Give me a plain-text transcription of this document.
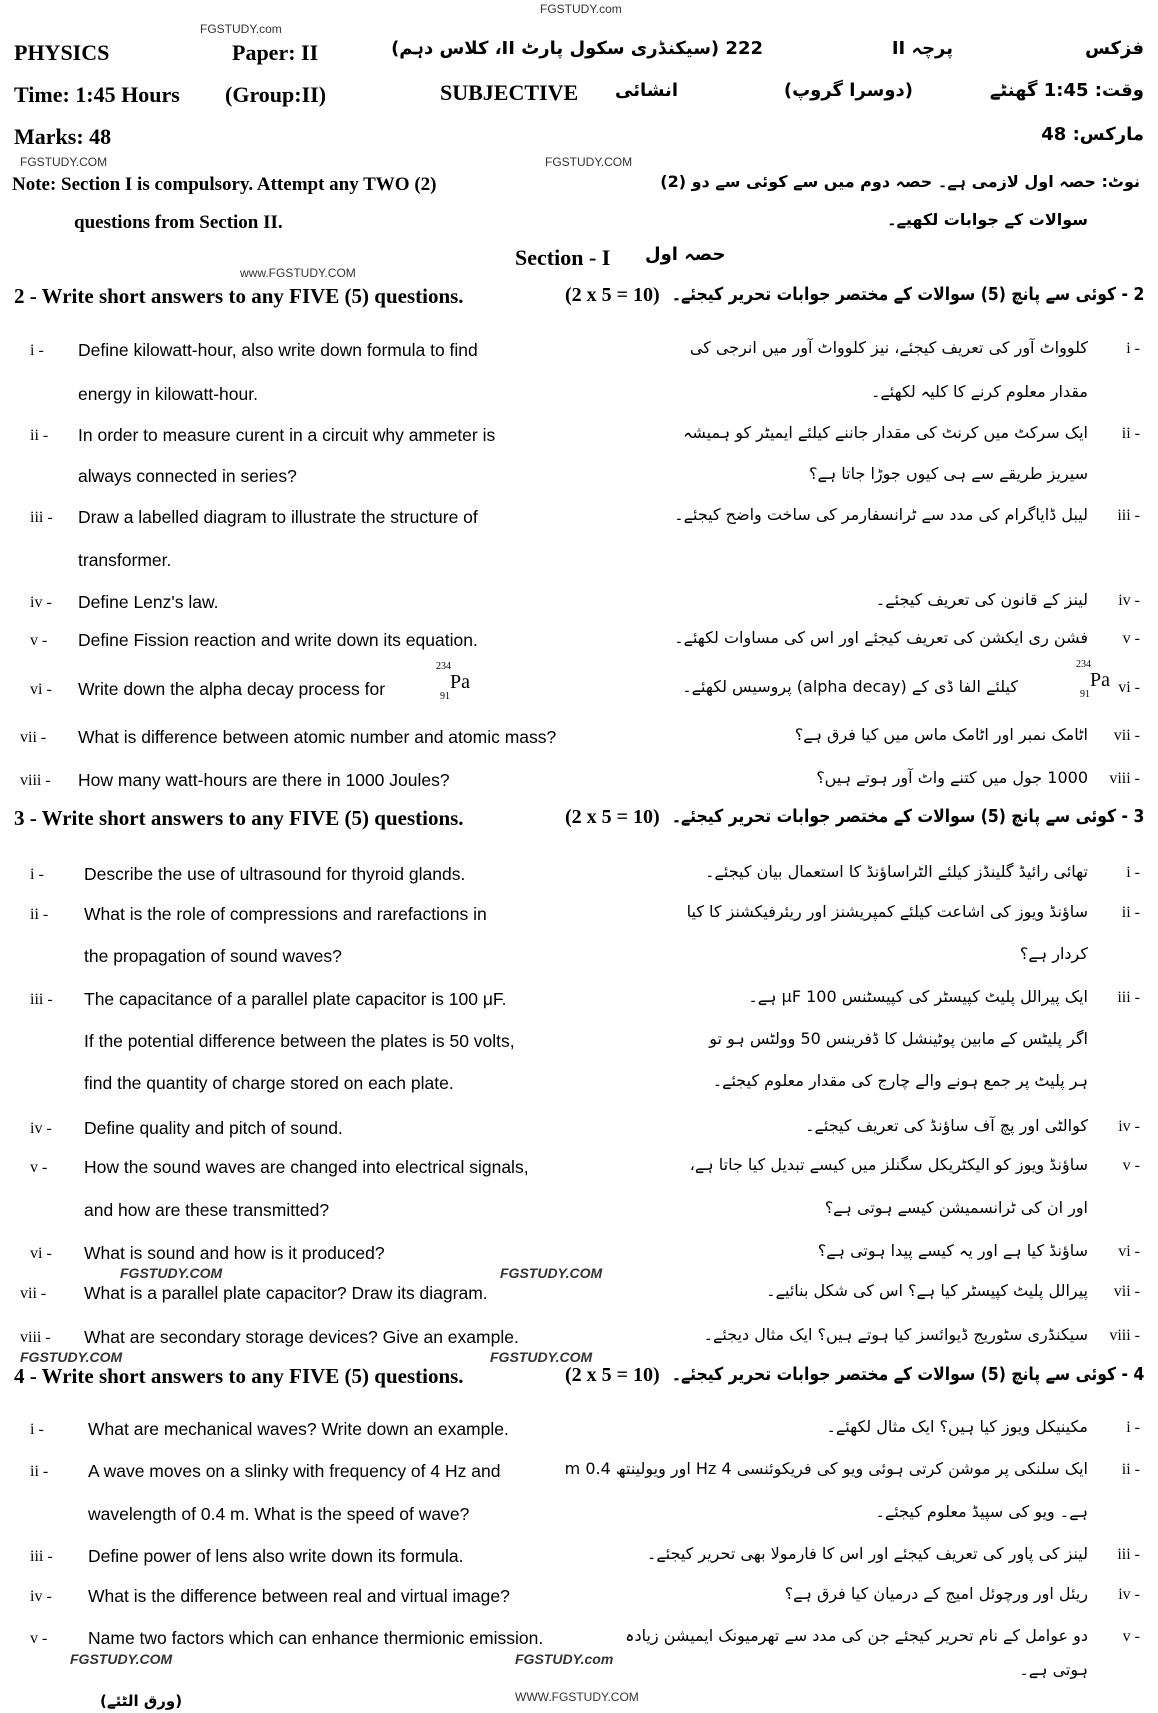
FGSTUDY.com
PHYSICS	Paper: II	222 (سیکنڈری سکول پارٹ II، کلاس دہم)	پرچہ II	فزکس
Time: 1:45 Hours (Group:II)	SUBJECTIVE انشائی	(دوسرا گروپ)	وقت: 1:45 گھنٹے
Marks: 48	مارکس: 48
Note: Section I is compulsory. Attempt any TWO (2)
questions from Section II.
نوٹ: حصہ اول لازمی ہے۔ حصہ دوم میں سے کوئی سے دو (2)
سوالات کے جوابات لکھیے۔
Section - I حصہ اول
2 - Write short answers to any FIVE (5) questions.	(2 x 5 = 10) 2 - کوئی سے پانچ (5) سوالات کے مختصر جوابات تحریر کیجئے۔
i - Define kilowatt-hour, also write down formula to find
energy in kilowatt-hour.
i -
کلوواٹ آور کی تعریف کیجئے، نیز کلوواٹ آور میں انرجی کی
مقدار معلوم کرنے کا کلیہ لکھئے۔
ii - In order to measure curent in a circuit why ammeter is
always connected in series?
ii -
ایک سرکٹ میں کرنٹ کی مقدار جاننے کیلئے ایمیٹر کو ہمیشہ
سیریز طریقے سے ہی کیوں جوڑا جاتا ہے؟
iii - Draw a labelled diagram to illustrate the structure of
transformer.
iii -
لیبل ڈایاگرام کی مدد سے ٹرانسفارمر کی ساخت واضح کیجئے۔
iv - Define Lenz's law.	iv -
لینز کے قانون کی تعریف کیجئے۔
v - Define Fission reaction and write down its equation.	v -
فشن ری ایکشن کی تعریف کیجئے اور اس کی مساوات لکھئے۔
vi - Write down the alpha decay process for	vi -
کیلئے الفا ڈی کے (alpha decay) پروسیس لکھئے۔
234
Pa
91
234
Pa
91
vii - What is difference between atomic number and atomic mass?	vii -
اٹامک نمبر اور اٹامک ماس میں کیا فرق ہے؟
viii - How many watt-hours are there in 1000 Joules?	viii -
1000 جول میں کتنے واٹ آور ہوتے ہیں؟
3 - Write short answers to any FIVE (5) questions.	(2 x 5 = 10) 3 - کوئی سے پانچ (5) سوالات کے مختصر جوابات تحریر کیجئے۔
i - Describe the use of ultrasound for thyroid glands.	i -
تھائی رائیڈ گلینڈز کیلئے الٹراساؤنڈ کا استعمال بیان کیجئے۔
ii - What is the role of compressions and rarefactions in
the propagation of sound waves?
ii -
ساؤنڈ ویوز کی اشاعت کیلئے کمپریشنز اور ریئرفیکشنز کا کیا
کردار ہے؟
iii - The capacitance of a parallel plate capacitor is 100 μF.
If the potential difference between the plates is 50 volts,
find the quantity of charge stored on each plate.
iii -
ایک پیرالل پلیٹ کپیسٹر کی کپیسٹنس 100 μF ہے۔
اگر پلیٹس کے مابین پوٹینشل کا ڈفرینس 50 وولٹس ہو تو
ہر پلیٹ پر جمع ہونے والے چارج کی مقدار معلوم کیجئے۔
iv - Define quality and pitch of sound.	iv -
کوالٹی اور پچ آف ساؤنڈ کی تعریف کیجئے۔
v - How the sound waves are changed into electrical signals,
and how are these transmitted?
v -
ساؤنڈ ویوز کو الیکٹریکل سگنلز میں کیسے تبدیل کیا جاتا ہے،
اور ان کی ٹرانسمیشن کیسے ہوتی ہے؟
vi - What is sound and how is it produced?	vi -
ساؤنڈ کیا ہے اور یہ کیسے پیدا ہوتی ہے؟
vii - What is a parallel plate capacitor? Draw its diagram.	vii -
پیرالل پلیٹ کپیسٹر کیا ہے؟ اس کی شکل بنائیے۔
viii - What are secondary storage devices? Give an example.	viii -
سیکنڈری سٹوریج ڈیوائسز کیا ہوتے ہیں؟ ایک مثال دیجئے۔
4 - Write short answers to any FIVE (5) questions.	(2 x 5 = 10) 4 - کوئی سے پانچ (5) سوالات کے مختصر جوابات تحریر کیجئے۔
i -	What are mechanical waves? Write down an example.	i -
مکینیکل ویوز کیا ہیں؟ ایک مثال لکھئے۔
ii - A wave moves on a slinky with frequency of 4 Hz and
wavelength of 0.4 m. What is the speed of wave?
ii -
ایک سلنکی پر موشن کرتی ہوئی ویو کی فریکوئنسی 4 Hz اور ویولینتھ 0.4 m
ہے۔ ویو کی سپیڈ معلوم کیجئے۔
iii - Define power of lens also write down its formula.	iii -
لینز کی پاور کی تعریف کیجئے اور اس کا فارمولا بھی تحریر کیجئے۔
iv - What is the difference between real and virtual image?	iv -
ریئل اور ورچوئل امیج کے درمیان کیا فرق ہے؟
v - Name two factors which can enhance thermionic emission.	v -
دو عوامل کے نام تحریر کیجئے جن کی مدد سے تھرمیونک ایمیشن زیادہ
ہوتی ہے۔
FGSTUDY.COM
www.FGSTUDY.COM
FGSTUDY.com
FGSTUDY.COM
FGSTUDY.COM	FGSTUDY.COM
FGSTUDY.COM	FGSTUDY.COM
FGSTUDY.COM	FGSTUDY.com
WWW.FGSTUDY.COM
(ورق الٹئے)
